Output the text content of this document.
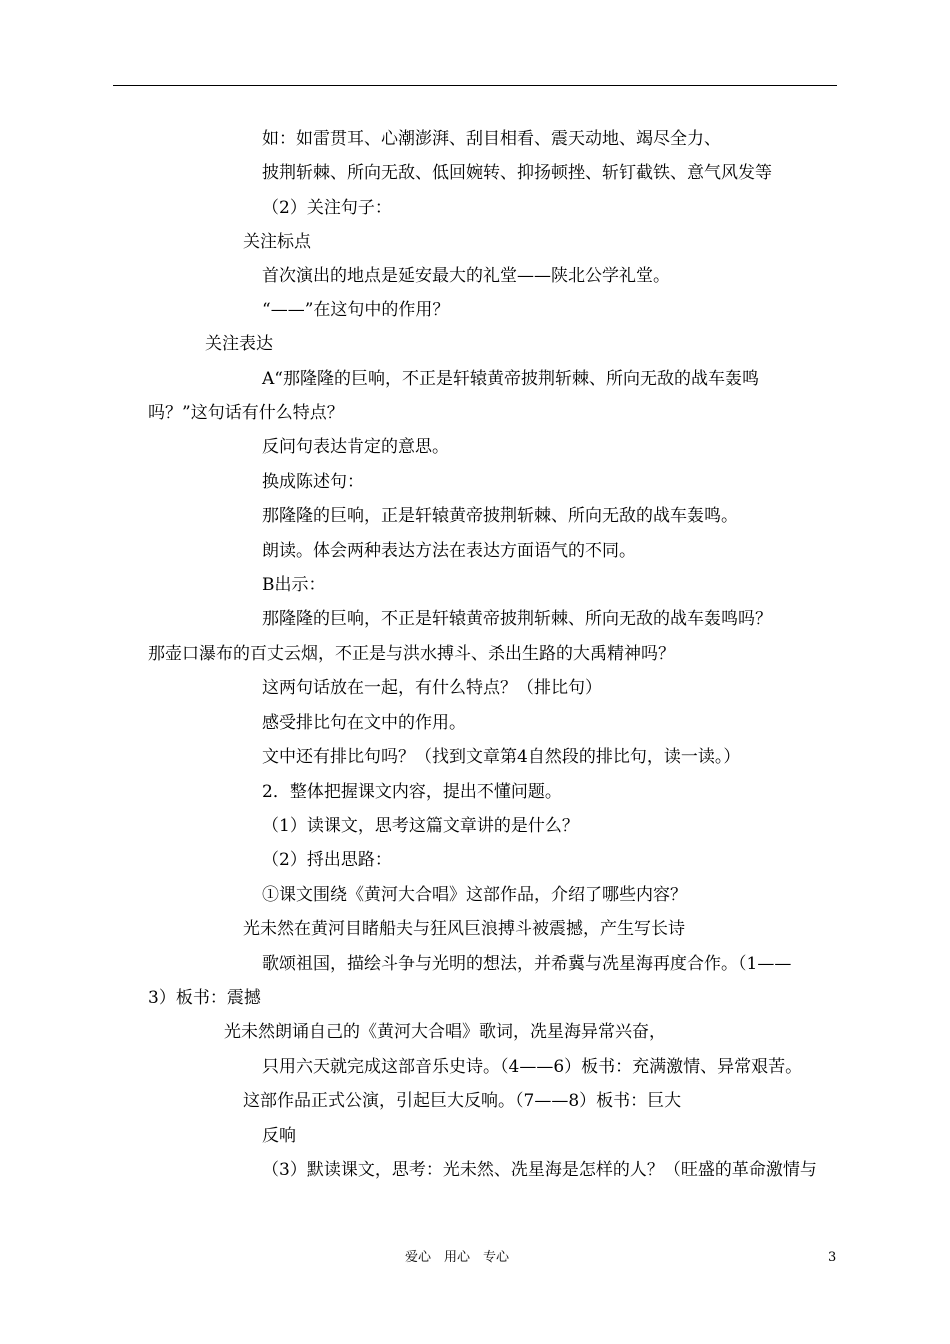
如：如雷贯耳、心潮澎湃、刮目相看、震天动地、竭尽全力、
披荆斩棘、所向无敌、低回婉转、抑扬顿挫、斩钉截铁、意气风发等
（2）关注句子：
关注标点
首次演出的地点是延安最大的礼堂——陕北公学礼堂。
“——”在这句中的作用？
关注表达
A“那隆隆的巨响，不正是轩辕黄帝披荆斩棘、所向无敌的战车轰鸣
吗？”这句话有什么特点？
反问句表达肯定的意思。
换成陈述句：
那隆隆的巨响，正是轩辕黄帝披荆斩棘、所向无敌的战车轰鸣。
朗读。体会两种表达方法在表达方面语气的不同。
B出示：
那隆隆的巨响，不正是轩辕黄帝披荆斩棘、所向无敌的战车轰鸣吗？
那壶口瀑布的百丈云烟，不正是与洪水搏斗、杀出生路的大禹精神吗？
这两句话放在一起，有什么特点？（排比句）
感受排比句在文中的作用。
文中还有排比句吗？（找到文章第4自然段的排比句，读一读。）
2．整体把握课文内容，提出不懂问题。
（1）读课文，思考这篇文章讲的是什么？
（2）捋出思路：
①课文围绕《黄河大合唱》这部作品，介绍了哪些内容？
光未然在黄河目睹船夫与狂风巨浪搏斗被震撼，产生写长诗
歌颂祖国，描绘斗争与光明的想法，并希冀与冼星海再度合作。（1——
3）板书：震撼
光未然朗诵自己的《黄河大合唱》歌词，冼星海异常兴奋，
只用六天就完成这部音乐史诗。（4——6）板书：充满激情、异常艰苦。
这部作品正式公演，引起巨大反响。（7——8）板书：巨大
反响
（3）默读课文，思考：光未然、冼星海是怎样的人？（旺盛的革命激情与
爱心　用心　专心	3
